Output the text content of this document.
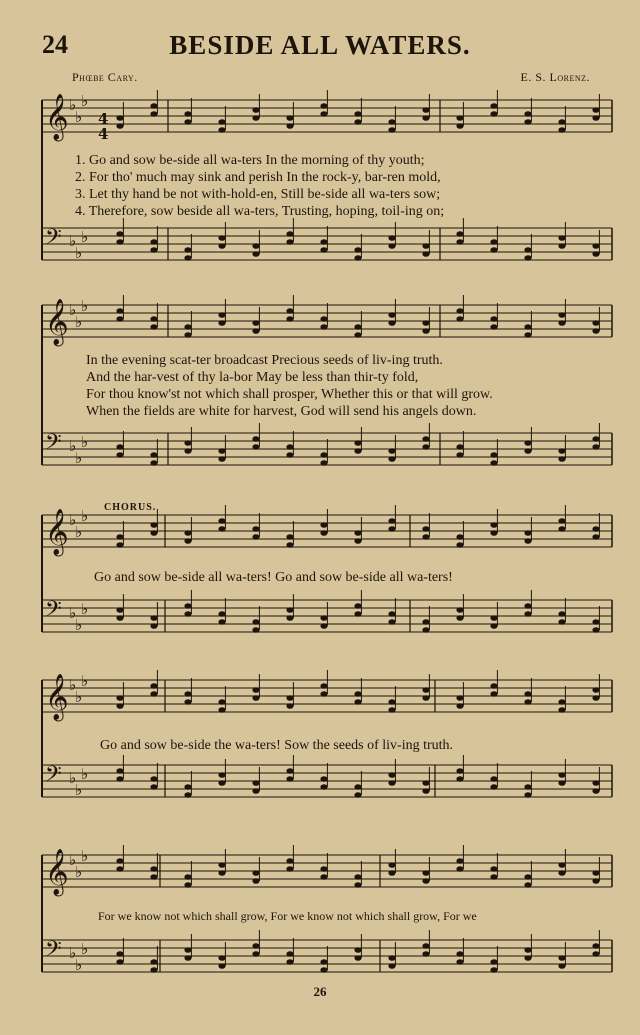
24	BESIDE ALL WATERS.
Phœbe Cary.	E. S. Lorenz.
𝄞 ♭
♭
♭
𝄢 ♭
♭
♭
𝄞 ♭
♭
♭
𝄢 ♭
♭
♭
𝄞 ♭
♭
♭
𝄢 ♭
♭
♭
𝄞 ♭
♭
♭
𝄢 ♭
♭
♭
𝄞 ♭
♭
♭
𝄢 ♭
♭
♭
4
4
1. Go and sow be-side all wa-ters In the morning of thy youth;
2. For tho' much may sink and perish In the rock-y, bar-ren mold,
3. Let thy hand be not with-hold-en, Still be-side all wa-ters sow;
4. Therefore, sow beside all wa-ters, Trusting, hoping, toil-ing on;
In the evening scat-ter broadcast Precious seeds of liv-ing truth.
And the har-vest of thy la-bor May be less than thir-ty fold,
For thou know'st not which shall prosper, Whether this or that will grow.
When the fields are white for harvest, God will send his angels down.
CHORUS.
Go and sow be-side all wa-ters! Go and sow be-side all wa-ters!
Go and sow be-side the wa-ters! Sow the seeds of liv-ing truth.
For we know not which shall grow, For we know not which shall grow, For we
26
